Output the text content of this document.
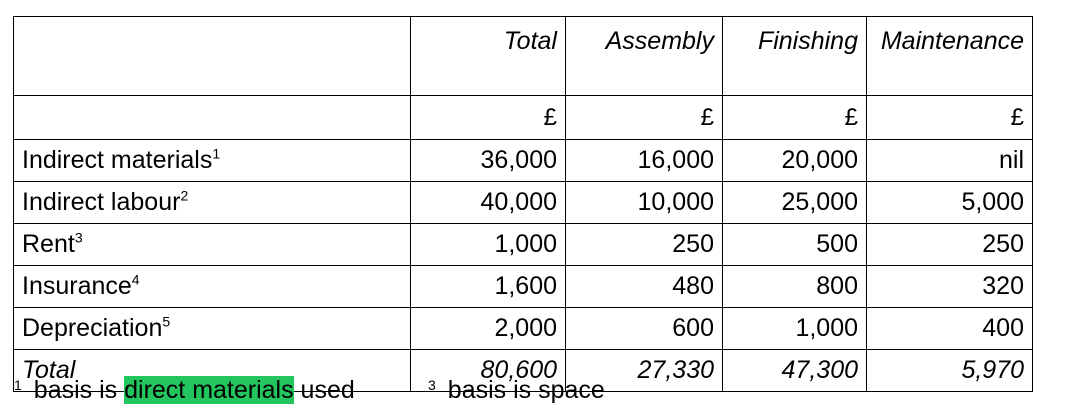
	Total	Assembly	Finishing	Maintenance
	£	£	£	£
Indirect materials$^1$	36,000	16,000	20,000	nil
Indirect labour$^2$	40,000	10,000	25,000	5,000
Rent$^3$	1,000	250	500	250
Insurance$^4$	1,600	480	800	320
Depreciation$^5$	2,000	600	1,000	400
Total	80,600	27,330	47,300	5,970
$^1$ basis is direct materials used	$^3$ basis is space
